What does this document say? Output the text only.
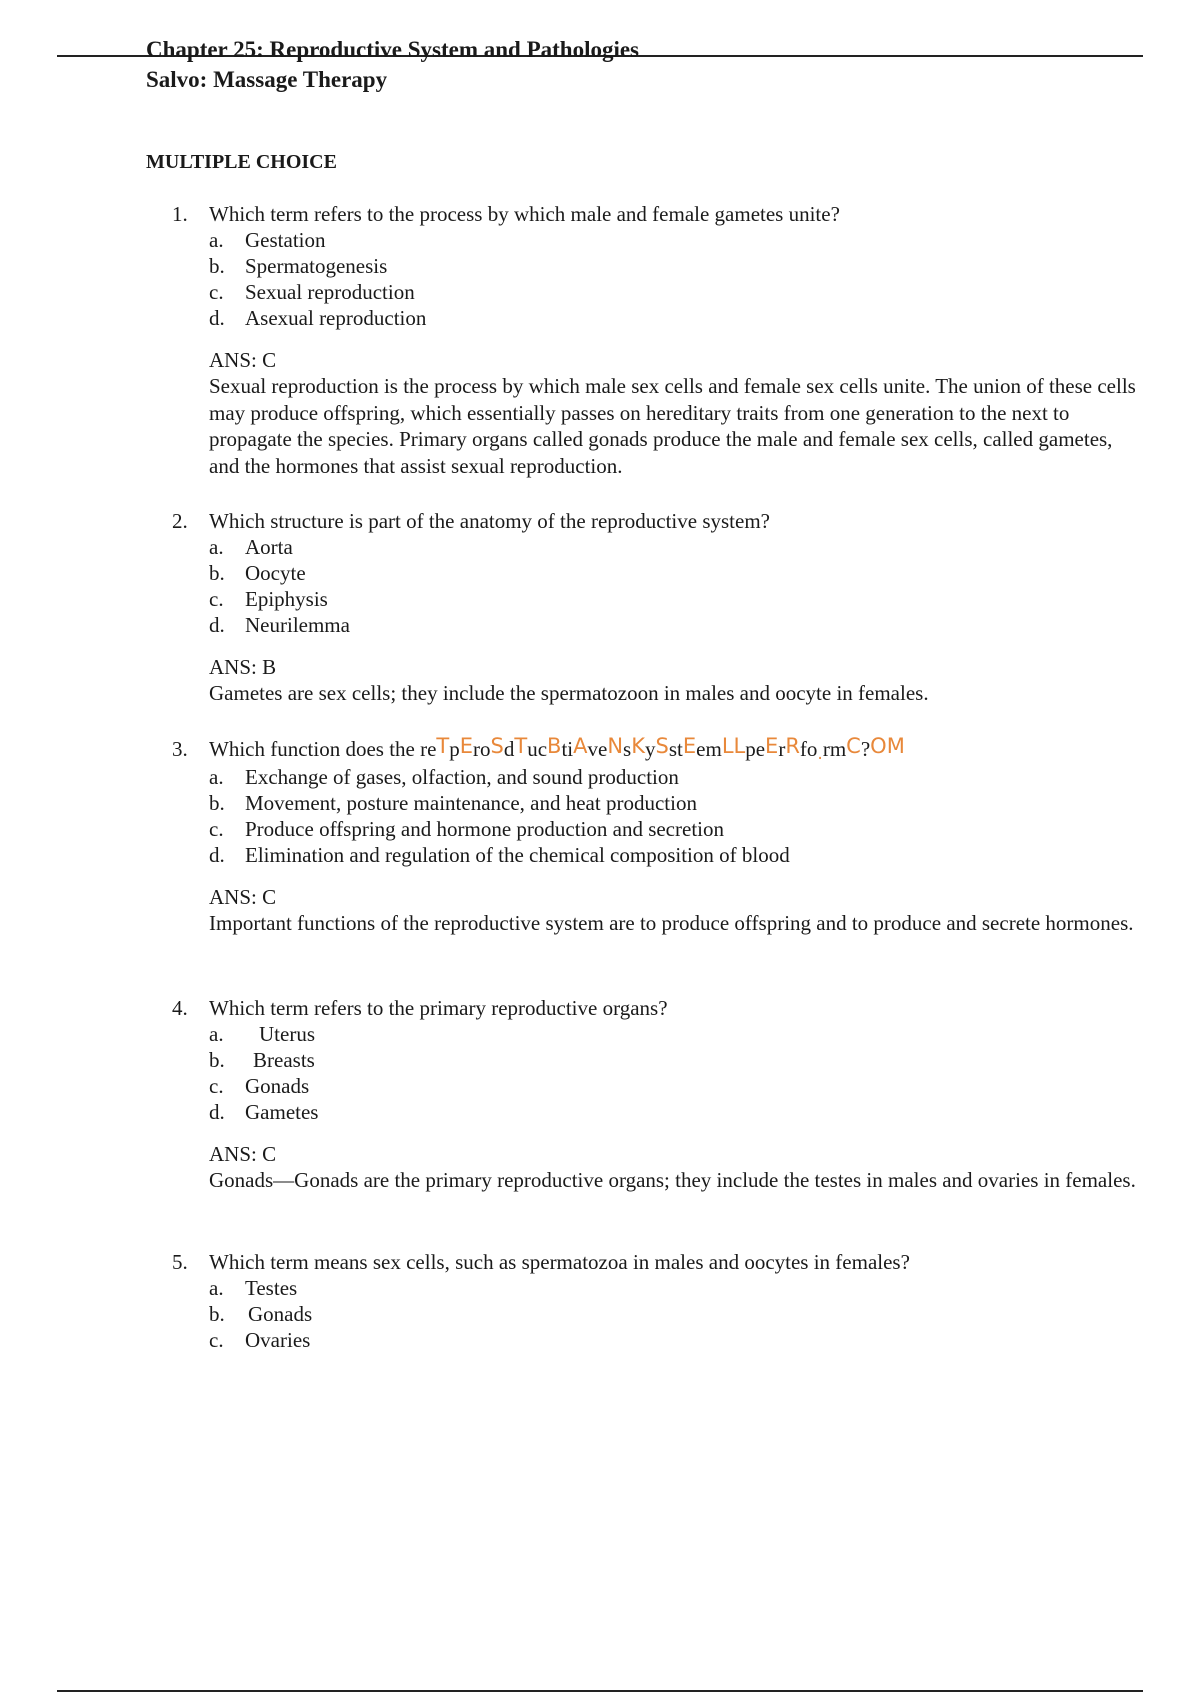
Chapter 25: Reproductive System and Pathologies
Salvo: Massage Therapy
MULTIPLE CHOICE
1.	Which term refers to the process by which male and female gametes unite?
a.	Gestation
b. Spermatogenesis
c.	Sexual reproduction
d. Asexual reproduction
ANS: C
Sexual reproduction is the process by which male sex cells and female sex cells unite. The union of these cells may produce offspring, which essentially passes on hereditary traits from one generation to the next to propagate the species. Primary organs called gonads produce the male and female sex cells, called gametes, and the hormones that assist sexual reproduction.
2.	Which structure is part of the anatomy of the reproductive system?
a.	Aorta
b. Oocyte
c.	Epiphysis
d. Neurilemma
ANS: B
Gametes are sex cells; they include the spermatozoon in males and oocyte in females.
3.	Which function does the reTpEroSdTucBtiAveNsKySstEemLLpeErRfo.rmC?OM
a.	Exchange of gases, olfaction, and sound production
b. Movement, posture maintenance, and heat production
c.	Produce offspring and hormone production and secretion
d. Elimination and regulation of the chemical composition of blood
ANS: C
Important functions of the reproductive system are to produce offspring and to produce and secrete hormones.
4.	Which term refers to the primary reproductive organs?
a.	Uterus
b.	Breasts
c.	Gonads
d. Gametes
ANS: C
Gonads—Gonads are the primary reproductive organs; they include the testes in males and ovaries in females.
5.	Which term means sex cells, such as spermatozoa in males and oocytes in females?
a.	Testes
b.	Gonads
c.	Ovaries
